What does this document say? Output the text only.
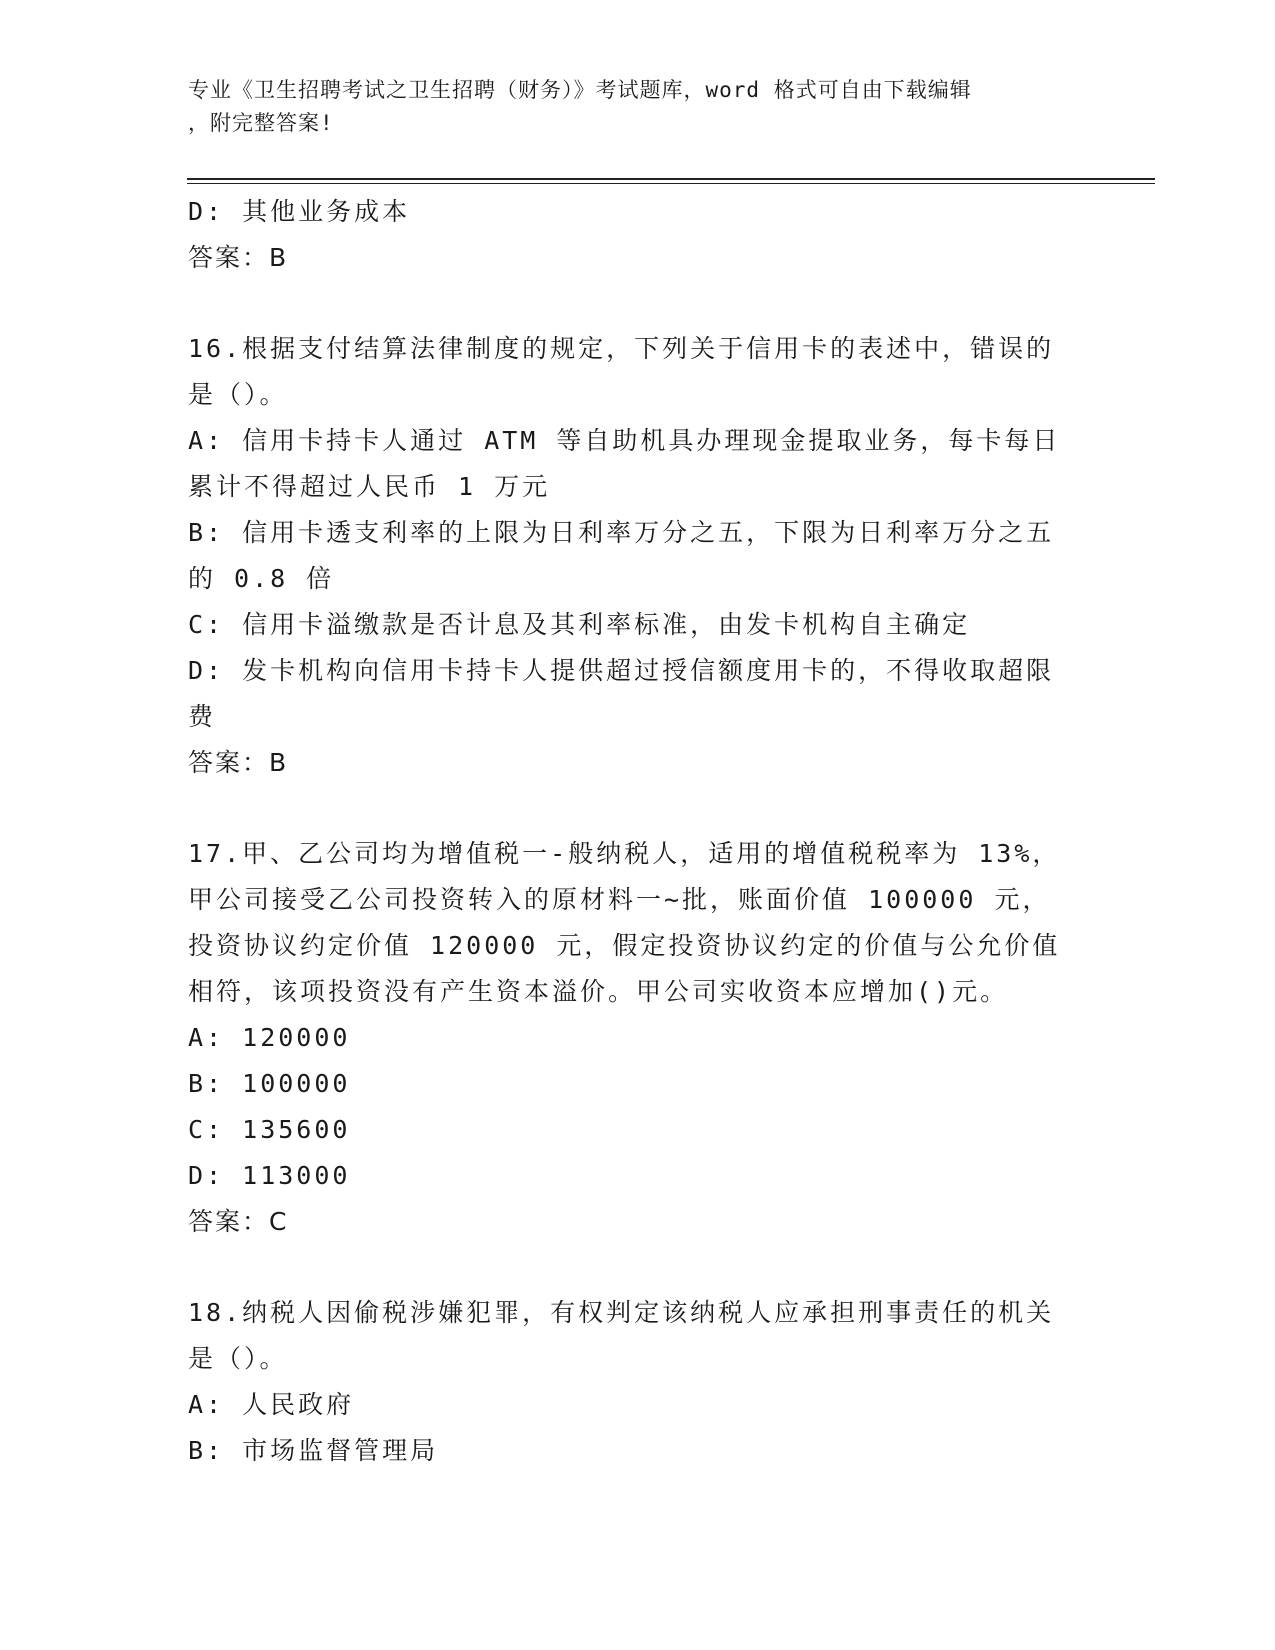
专业《卫生招聘考试之卫生招聘（财务）》考试题库，word 格式可自由下载编辑
，附完整答案!
D: 其他业务成本
答案：B
16.根据支付结算法律制度的规定，下列关于信用卡的表述中，错误的是（）。
A: 信用卡持卡人通过 ATM 等自助机具办理现金提取业务，每卡每日累计不得超过人民币 1 万元
B: 信用卡透支利率的上限为日利率万分之五，下限为日利率万分之五的 0.8 倍
C: 信用卡溢缴款是否计息及其利率标准，由发卡机构自主确定
D: 发卡机构向信用卡持卡人提供超过授信额度用卡的，不得收取超限费
答案：B
17.甲、乙公司均为增值税一-般纳税人，适用的增值税税率为 13%，甲公司接受乙公司投资转入的原材料一~批，账面价值 100000 元，投资协议约定价值 120000 元，假定投资协议约定的价值与公允价值相符，该项投资没有产生资本溢价。甲公司实收资本应增加()元。
A: 120000
B: 100000
C: 135600
D: 113000
答案：C
18.纳税人因偷税涉嫌犯罪，有权判定该纳税人应承担刑事责任的机关是（）。
A: 人民政府
B: 市场监督管理局
